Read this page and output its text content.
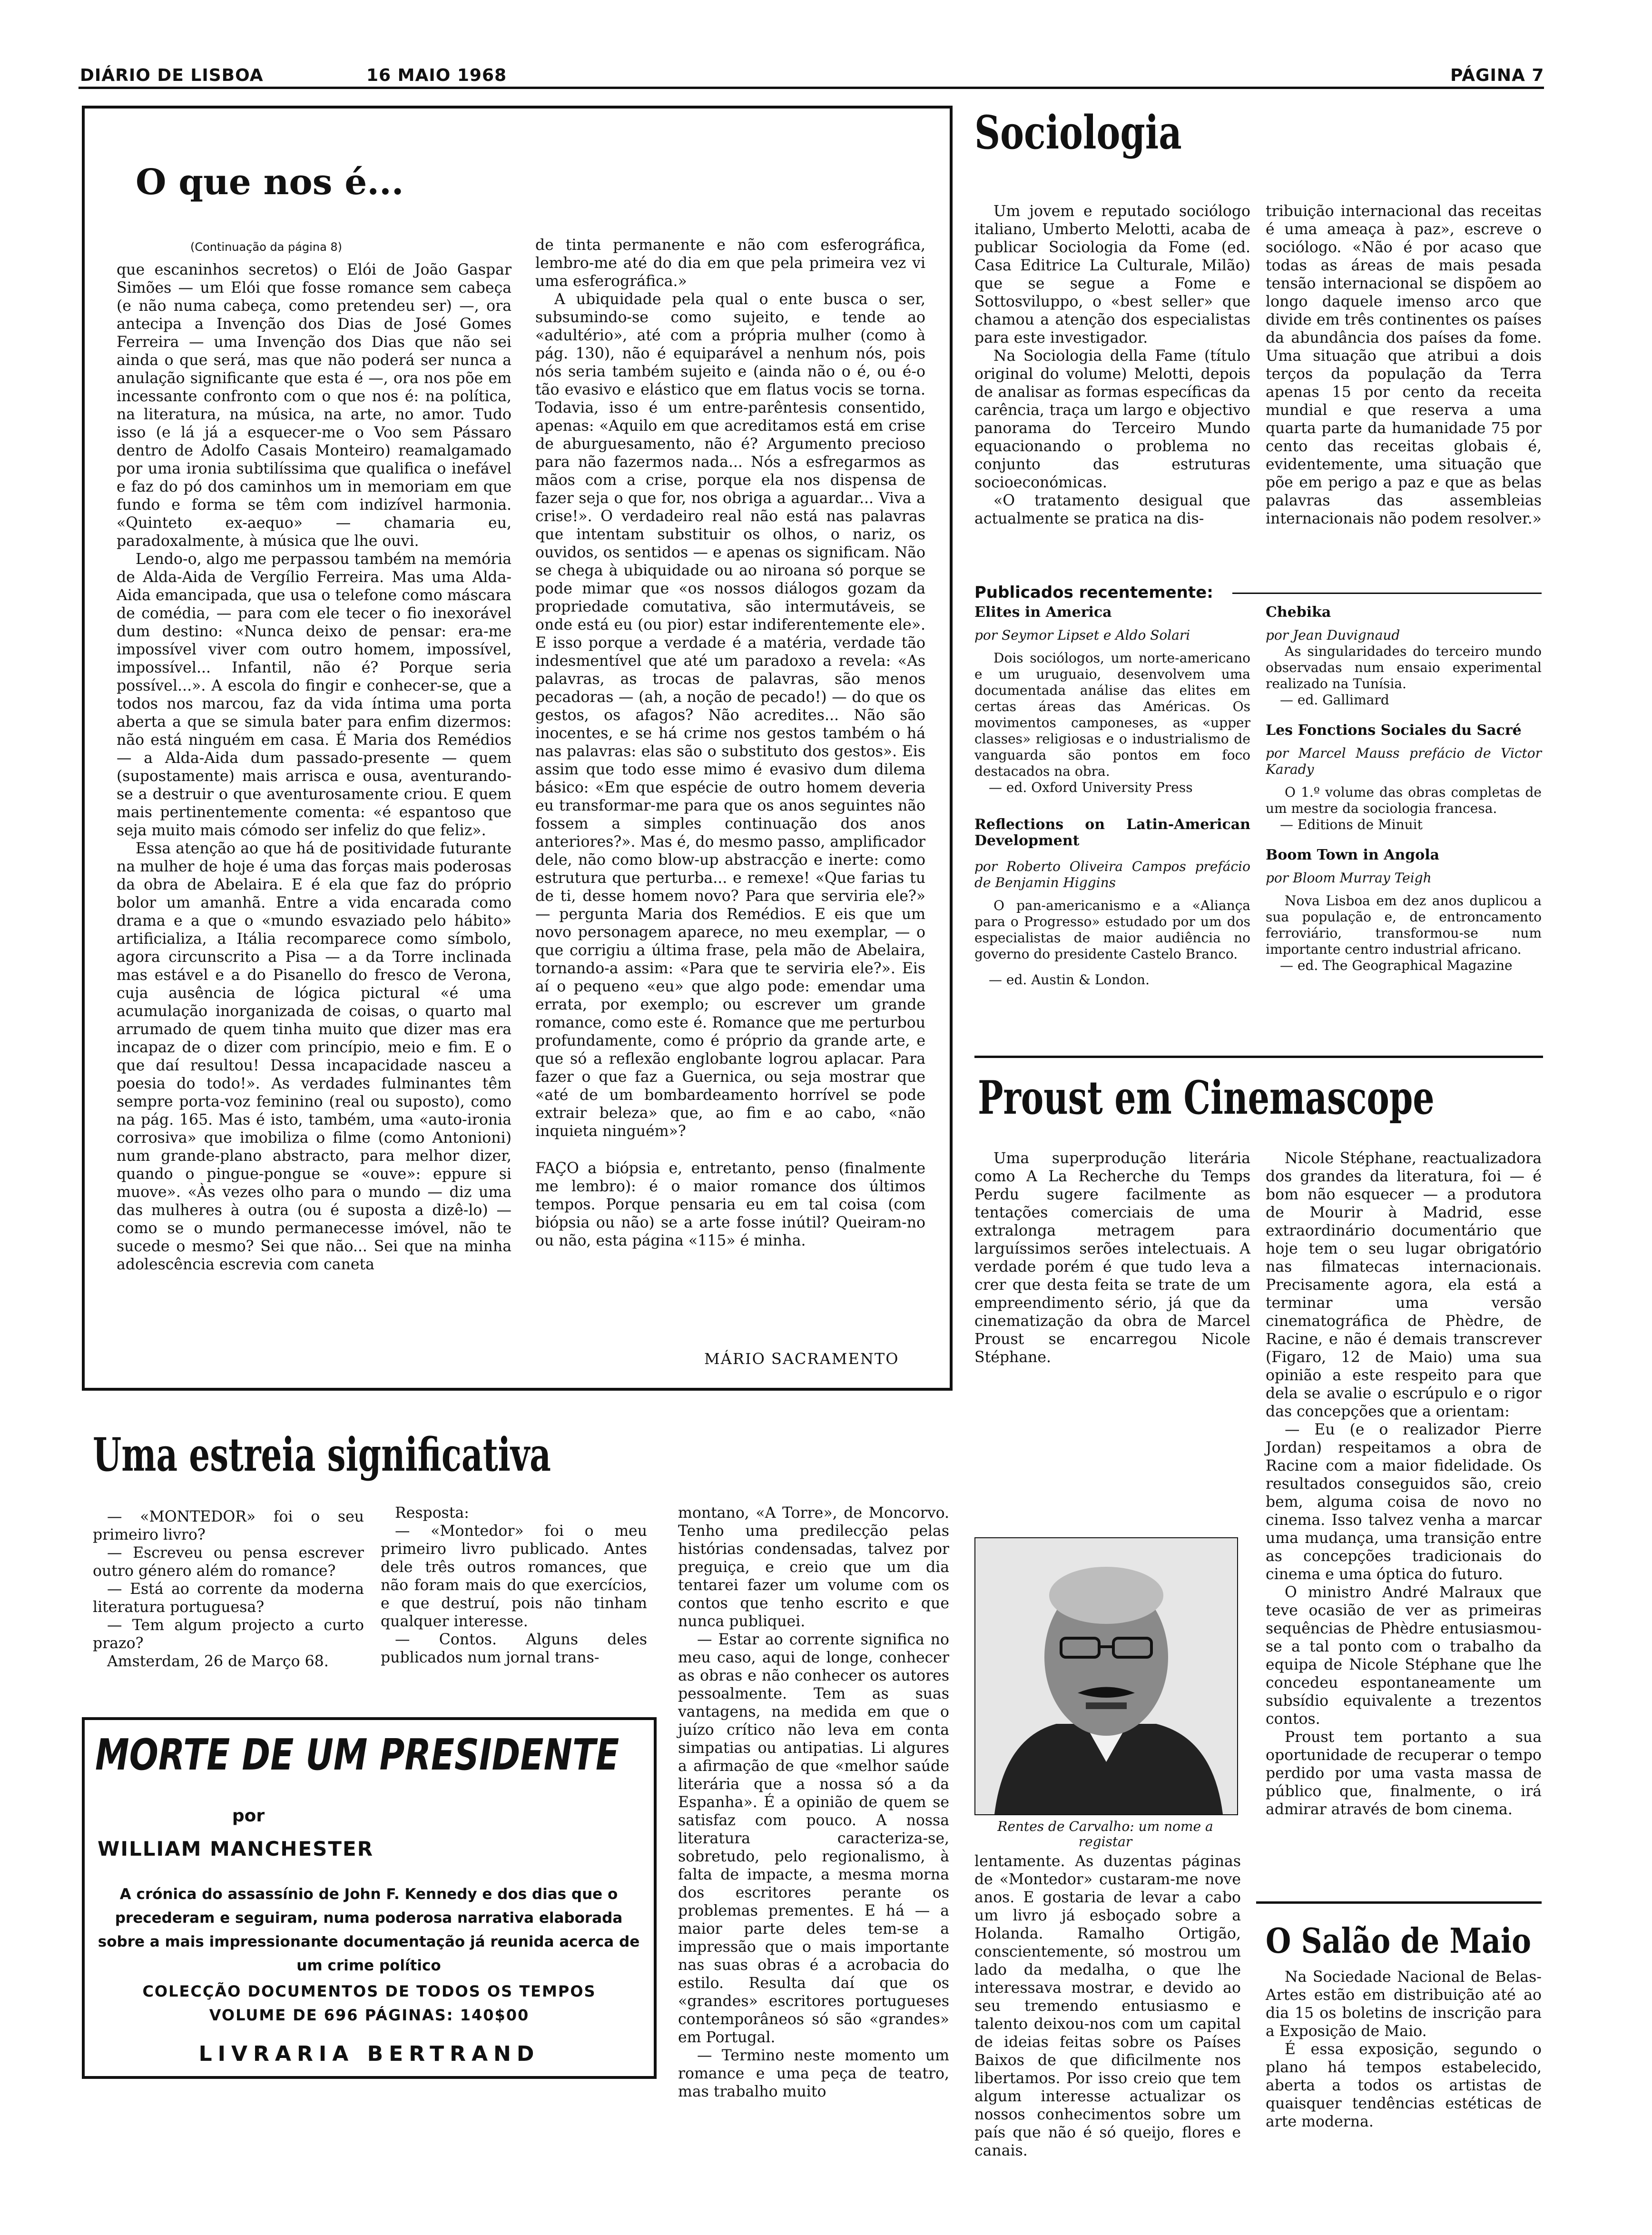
DIÁRIO DE LISBOA	16 MAIO 1968	PÁGINA 7
O que nos é...
(Continuação da página 8)

que escaninhos secretos) o Elói de João Gaspar Simões — um Elói que fosse romance sem cabeça (e não numa cabeça, como pretendeu ser) —, ora antecipa a Invenção dos Dias de José Gomes Ferreira — uma Invenção dos Dias que não sei ainda o que será, mas que não poderá ser nunca a anulação significante que esta é —, ora nos põe em incessante confronto com o que nos é: na política, na literatura, na música, na arte, no amor. Tudo isso (e lá já a esquecer-me o Voo sem Pássaro dentro de Adolfo Casais Monteiro) reamalgamado por uma ironia subtilíssima que qualifica o inefável e faz do pó dos caminhos um in memoriam em que fundo e forma se têm com indizível harmonia. «Quinteto ex-aequo» — chamaria eu, paradoxalmente, à música que lhe ouvi.

Lendo-o, algo me perpassou também na memória de Alda-Aida de Vergílio Ferreira. Mas uma Alda-Aida emancipada, que usa o telefone como máscara de comédia, — para com ele tecer o fio inexorável dum destino: «Nunca deixo de pensar: era-me impossível viver com outro homem, impossível, impossível... Infantil, não é? Porque seria possível...». A escola do fingir e conhecer-se, que a todos nos marcou, faz da vida íntima uma porta aberta a que se simula bater para enfim dizermos: não está ninguém em casa. É Maria dos Remédios — a Alda-Aida dum passado-presente — quem (supostamente) mais arrisca e ousa, aventurando-se a destruir o que aventurosamente criou. E quem mais pertinentemente comenta: «é espantoso que seja muito mais cómodo ser infeliz do que feliz».

Essa atenção ao que há de positividade futurante na mulher de hoje é uma das forças mais poderosas da obra de Abelaira. E é ela que faz do próprio bolor um amanhã. Entre a vida encarada como drama e a que o «mundo esvaziado pelo hábito» artificializa, a Itália recomparece como símbolo, agora circunscrito a Pisa — a da Torre inclinada mas estável e a do Pisanello do fresco de Verona, cuja ausência de lógica pictural «é uma acumulação inorganizada de coisas, o quarto mal arrumado de quem tinha muito que dizer mas era incapaz de o dizer com princípio, meio e fim. E o que daí resultou! Dessa incapacidade nasceu a poesia do todo!». As verdades fulminantes têm sempre porta-voz feminino (real ou suposto), como na pág. 165. Mas é isto, também, uma «auto-ironia corrosiva» que imobiliza o filme (como Antonioni) num grande-plano abstracto, para melhor dizer, quando o pingue-pongue se «ouve»: eppure si muove». «Às vezes olho para o mundo — diz uma das mulheres à outra (ou é suposta a dizê-lo) — como se o mundo permanecesse imóvel, não te sucede o mesmo? Sei que não... Sei que na minha adolescência escrevia com caneta

de tinta permanente e não com esferográfica, lembro-me até do dia em que pela primeira vez vi uma esferográfica.»

A ubiquidade pela qual o ente busca o ser, subsumindo-se como sujeito, e tende ao «adultério», até com a própria mulher (como à pág. 130), não é equiparável a nenhum nós, pois nós seria também sujeito e (ainda não o é, ou é-o tão evasivo e elástico que em flatus vocis se torna. Todavia, isso é um entre-parêntesis consentido, apenas: «Aquilo em que acreditamos está em crise de aburguesamento, não é? Argumento precioso para não fazermos nada... Nós a esfregarmos as mãos com a crise, porque ela nos dispensa de fazer seja o que for, nos obriga a aguardar... Viva a crise!». O verdadeiro real não está nas palavras que intentam substituir os olhos, o nariz, os ouvidos, os sentidos — e apenas os significam. Não se chega à ubiquidade ou ao niroana só porque se pode mimar que «os nossos diálogos gozam da propriedade comutativa, são intermutáveis, se onde está eu (ou pior) estar indiferentemente ele». E isso porque a verdade é a matéria, verdade tão indesmentível que até um paradoxo a revela: «As palavras, as trocas de palavras, são menos pecadoras — (ah, a noção de pecado!) — do que os gestos, os afagos? Não acredites... Não são inocentes, e se há crime nos gestos também o há nas palavras: elas são o substituto dos gestos». Eis assim que todo esse mimo é evasivo dum dilema básico: «Em que espécie de outro homem deveria eu transformar-me para que os anos seguintes não fossem a simples continuação dos anos anteriores?». Mas é, do mesmo passo, amplificador dele, não como blow-up abstracção e inerte: como estrutura que perturba... e remexe! «Que farias tu de ti, desse homem novo? Para que serviria ele?» — pergunta Maria dos Remédios. E eis que um novo personagem aparece, no meu exemplar, — o que corrigiu a última frase, pela mão de Abelaira, tornando-a assim: «Para que te serviria ele?». Eis aí o pequeno «eu» que algo pode: emendar uma errata, por exemplo; ou escrever um grande romance, como este é. Romance que me perturbou profundamente, como é próprio da grande arte, e que só a reflexão englobante logrou aplacar. Para fazer o que faz a Guernica, ou seja mostrar que «até de um bombardeamento horrível se pode extrair beleza» que, ao fim e ao cabo, «não inquieta ninguém»?

FAÇO a biópsia e, entretanto, penso (finalmente me lembro): é o maior romance dos últimos tempos. Porque pensaria eu em tal coisa (com biópsia ou não) se a arte fosse inútil? Queiram-no ou não, esta página «115» é minha.

MÁRIO SACRAMENTO
Sociologia

Um jovem e reputado sociólogo italiano, Umberto Melotti, acaba de publicar Sociologia da Fome (ed. Casa Editrice La Culturale, Milão) que se segue a Fome e Sottosviluppo, o «best seller» que chamou a atenção dos especialistas para este investigador.

Na Sociologia della Fame (título original do volume) Melotti, depois de analisar as formas específicas da carência, traça um largo e objectivo panorama do Terceiro Mundo equacionando o problema no conjunto das estruturas socioeconómicas.

«O tratamento desigual que actualmente se pratica na dis-

tribuição internacional das receitas é uma ameaça à paz», escreve o sociólogo. «Não é por acaso que todas as áreas de mais pesada tensão internacional se dispõem ao longo daquele imenso arco que divide em três continentes os países da abundância dos países da fome. Uma situação que atribui a dois terços da população da Terra apenas 15 por cento da receita mundial e que reserva a uma quarta parte da humanidade 75 por cento das receitas globais é, evidentemente, uma situação que põe em perigo a paz e que as belas palavras das assembleias internacionais não podem resolver.»

Publicados recentemente:
Elites in America
por Seymor Lipset e Aldo Solari

Dois sociólogos, um norte-americano e um uruguaio, desenvolvem uma documentada análise das elites em certas áreas das Américas. Os movimentos camponeses, as «upper classes» religiosas e o industrialismo de vanguarda são pontos em foco destacados na obra.

— ed. Oxford University Press
Reflections on Latin-American Development
por Roberto Oliveira Campos prefácio de Benjamin Higgins

O pan-americanismo e a «Aliança para o Progresso» estudado por um dos especialistas de maior audiência no governo do presidente Castelo Branco.

— ed. Austin & London.
Chebika
por Jean Duvignaud

As singularidades do terceiro mundo observadas num ensaio experimental realizado na Tunísia.

— ed. Gallimard
Les Fonctions Sociales du Sacré
por Marcel Mauss prefácio de Victor Karady

O 1.º volume das obras completas de um mestre da sociologia francesa.

— Editions de Minuit
Boom Town in Angola
por Bloom Murray Teigh

Nova Lisboa em dez anos duplicou a sua população e, de entroncamento ferroviário, transformou-se num importante centro industrial africano.

— ed. The Geographical Magazine
Proust em Cinemascope

Uma superprodução literária como A La Recherche du Temps Perdu sugere facilmente as tentações comerciais de uma extralonga metragem para larguíssimos serões intelectuais. A verdade porém é que tudo leva a crer que desta feita se trate de um empreendimento sério, já que da cinematização da obra de Marcel Proust se encarregou Nicole Stéphane.

Nicole Stéphane, reactualizadora dos grandes da literatura, foi — é bom não esquecer — a produtora de Mourir à Madrid, esse extraordinário documentário que hoje tem o seu lugar obrigatório nas filmatecas internacionais. Precisamente agora, ela está a terminar uma versão cinematográfica de Phèdre, de Racine, e não é demais transcrever (Figaro, 12 de Maio) uma sua opinião a este respeito para que dela se avalie o escrúpulo e o rigor das concepções que a orientam:

— Eu (e o realizador Pierre Jordan) respeitamos a obra de Racine com a maior fidelidade. Os resultados conseguidos são, creio bem, alguma coisa de novo no cinema. Isso talvez venha a marcar uma mudança, uma transição entre as concepções tradicionais do cinema e uma óptica do futuro.

O ministro André Malraux que teve ocasião de ver as primeiras sequências de Phèdre entusiasmou-se a tal ponto com o trabalho da equipa de Nicole Stéphane que lhe concedeu espontaneamente um subsídio equivalente a trezentos contos.

Proust tem portanto a sua oportunidade de recuperar o tempo perdido por uma vasta massa de público que, finalmente, o irá admirar através de bom cinema.

Uma estreia significativa

— «MONTEDOR» foi o seu primeiro livro?

— Escreveu ou pensa escrever outro género além do romance?

— Está ao corrente da moderna literatura portuguesa?

— Tem algum projecto a curto prazo?

Amsterdam, 26 de Março 68.

Resposta:

— «Montedor» foi o meu primeiro livro publicado. Antes dele três outros romances, que não foram mais do que exercícios, e que destruí, pois não tinham qualquer interesse.

— Contos. Alguns deles publicados num jornal trans-

montano, «A Torre», de Moncorvo. Tenho uma predilecção pelas histórias condensadas, talvez por preguiça, e creio que um dia tentarei fazer um volume com os contos que tenho escrito e que nunca publiquei.

— Estar ao corrente significa no meu caso, aqui de longe, conhecer as obras e não conhecer os autores pessoalmente. Tem as suas vantagens, na medida em que o juízo crítico não leva em conta simpatias ou antipatias. Li algures a afirmação de que «melhor saúde literária que a nossa só a da Espanha». É a opinião de quem se satisfaz com pouco. A nossa literatura caracteriza-se, sobretudo, pelo regionalismo, à falta de impacte, a mesma morna dos escritores perante os problemas prementes. E há — a maior parte deles tem-se a impressão que o mais importante nas suas obras é a acrobacia do estilo. Resulta daí que os «grandes» escritores portugueses contemporâneos só são «grandes» em Portugal.

— Termino neste momento um romance e uma peça de teatro, mas trabalho muito

Rentes de Carvalho: um nome a registar

lentamente. As duzentas páginas de «Montedor» custaram-me nove anos. E gostaria de levar a cabo um livro já esboçado sobre a Holanda. Ramalho Ortigão, conscientemente, só mostrou um lado da medalha, o que lhe interessava mostrar, e devido ao seu tremendo entusiasmo e talento deixou-nos com um capital de ideias feitas sobre os Países Baixos de que dificilmente nos libertamos. Por isso creio que tem algum interesse actualizar os nossos conhecimentos sobre um país que não é só queijo, flores e canais.

MORTE DE UM PRESIDENTE
por
WILLIAM MANCHESTER
A crónica do assassínio de John F. Kennedy e dos dias que o precederam e seguiram, numa poderosa narrativa elaborada sobre a mais impressionante documentação já reunida acerca de um crime político
COLECÇÃO DOCUMENTOS DE TODOS OS TEMPOS
VOLUME DE 696 PÁGINAS: 140$00
LIVRARIA BERTRAND
O Salão de Maio

Na Sociedade Nacional de Belas-Artes estão em distribuição até ao dia 15 os boletins de inscrição para a Exposição de Maio.

É essa exposição, segundo o plano há tempos estabelecido, aberta a todos os artistas de quaisquer tendências estéticas de arte moderna.
